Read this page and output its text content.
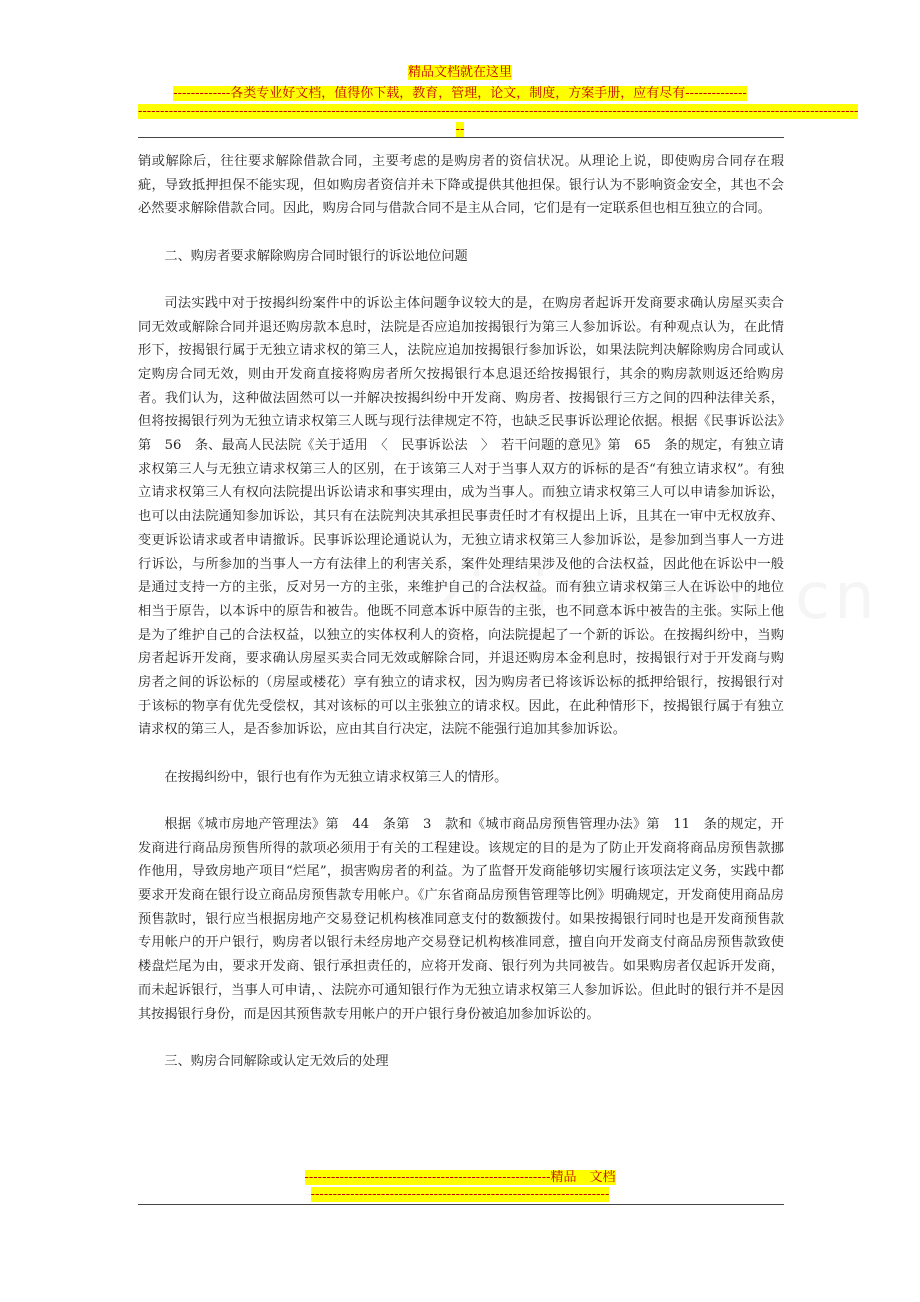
精品文档就在这里
-------------各类专业好文档，值得你下载，教育，管理，论文，制度，方案手册，应有尽有--------------
--------------------------------------------------------------------------------------------------------------------------------------------------------------------
--

销或解除后，往往要求解除借款合同，主要考虑的是购房者的资信状况。从理论上说，即使购房合同存在瑕疵，导致抵押担保不能实现，但如购房者资信并未下降或提供其他担保。银行认为不影响资金安全，其也不会必然要求解除借款合同。因此，购房合同与借款合同不是主从合同，它们是有一定联系但也相互独立的合同。

二、购房者要求解除购房合同时银行的诉讼地位问题

司法实践中对于按揭纠纷案件中的诉讼主体问题争议较大的是，在购房者起诉开发商要求确认房屋买卖合同无效或解除合同并退还购房款本息时，法院是否应追加按揭银行为第三人参加诉讼。有种观点认为，在此情形下，按揭银行属于无独立请求权的第三人，法院应追加按揭银行参加诉讼，如果法院判决解除购房合同或认定购房合同无效，则由开发商直接将购房者所欠按揭银行本息退还给按揭银行，其余的购房款则返还给购房者。我们认为，这种做法固然可以一并解决按揭纠纷中开发商、购房者、按揭银行三方之间的四种法律关系，但将按揭银行列为无独立请求权第三人既与现行法律规定不符，也缺乏民事诉讼理论依据。根据《民事诉讼法》第　56　条、最高人民法院《关于适用　〈　民事诉讼法　〉　若干问题的意见》第　65　条的规定，有独立请求权第三人与无独立请求权第三人的区别，在于该第三人对于当事人双方的诉标的是否“有独立请求权”。有独立请求权第三人有权向法院提出诉讼请求和事实理由，成为当事人。而独立请求权第三人可以申请参加诉讼，也可以由法院通知参加诉讼，其只有在法院判决其承担民事责任时才有权提出上诉，且其在一审中无权放弃、变更诉讼请求或者申请撤诉。民事诉讼理论通说认为，无独立请求权第三人参加诉讼，是参加到当事人一方进行诉讼，与所参加的当事人一方有法律上的利害关系，案件处理结果涉及他的合法权益，因此他在诉讼中一般是通过支持一方的主张，反对另一方的主张，来维护自己的合法权益。而有独立请求权第三人在诉讼中的地位相当于原告，以本诉中的原告和被告。他既不同意本诉中原告的主张，也不同意本诉中被告的主张。实际上他是为了维护自己的合法权益，以独立的实体权利人的资格，向法院提起了一个新的诉讼。在按揭纠纷中，当购房者起诉开发商，要求确认房屋买卖合同无效或解除合同，并退还购房本金利息时，按揭银行对于开发商与购房者之间的诉讼标的（房屋或楼花）享有独立的请求权，因为购房者已将该诉讼标的抵押给银行，按揭银行对于该标的物享有优先受偿权，其对该标的可以主张独立的请求权。因此，在此种情形下，按揭银行属于有独立请求权的第三人，是否参加诉讼，应由其自行决定，法院不能强行追加其参加诉讼。

在按揭纠纷中，银行也有作为无独立请求权第三人的情形。

根据《城市房地产管理法》第　44　条第　3　款和《城市商品房预售管理办法》第　11　条的规定，开发商进行商品房预售所得的款项必须用于有关的工程建设。该规定的目的是为了防止开发商将商品房预售款挪作他用，导致房地产项目“烂尾”，损害购房者的利益。为了监督开发商能够切实履行该项法定义务，实践中都要求开发商在银行设立商品房预售款专用帐户。《广东省商品房预售管理等比例》明确规定，开发商使用商品房预售款时，银行应当根据房地产交易登记机构核准同意支付的数额拨付。如果按揭银行同时也是开发商预售款专用帐户的开户银行，购房者以银行未经房地产交易登记机构核准同意，擅自向开发商支付商品房预售款致使楼盘烂尾为由，要求开发商、银行承担责任的，应将开发商、银行列为共同被告。如果购房者仅起诉开发商，而未起诉银行，当事人可申请，、法院亦可通知银行作为无独立请求权第三人参加诉讼。但此时的银行并不是因其按揭银行身份，而是因其预售款专用帐户的开户银行身份被追加参加诉讼的。

三、购房合同解除或认定无效后的处理

--------------------------------------------------------精品　文档
--------------------------------------------------------------------
